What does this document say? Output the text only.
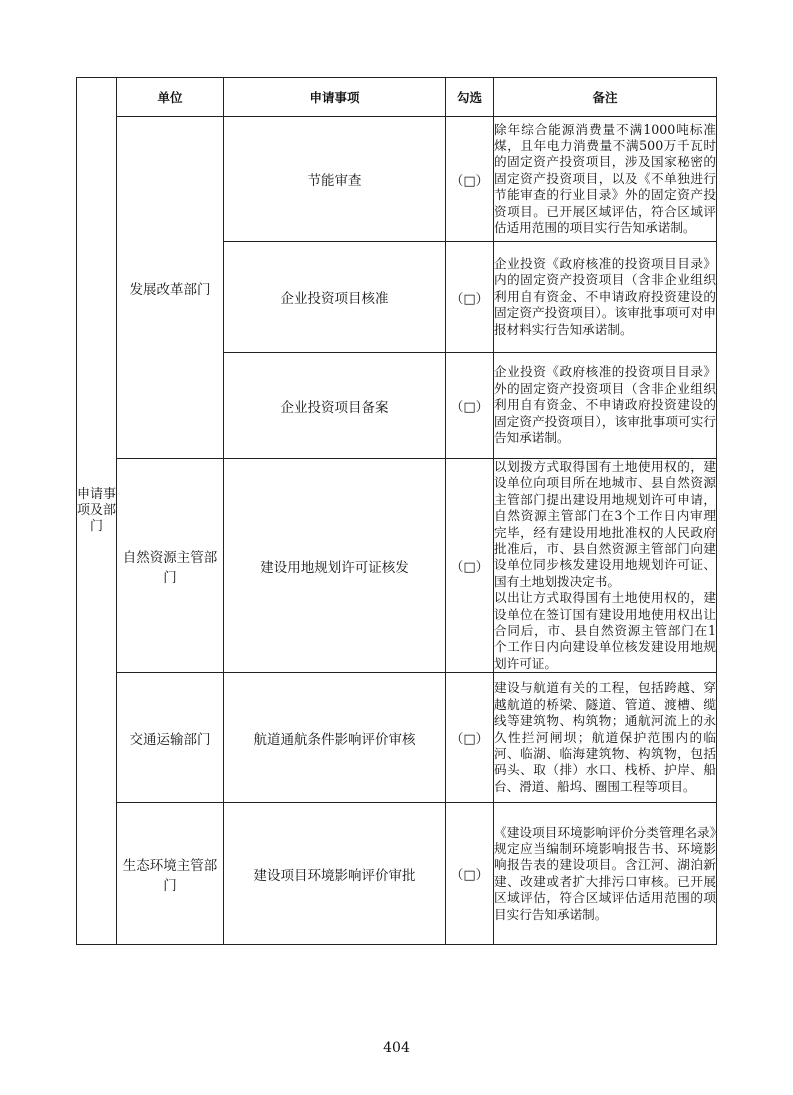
申请事项及部门	单位	申请事项	勾选	备注
	发展改革部门	节能审查	（□）	除年综合能源消费量不满1000吨标准煤，且年电力消费量不满500万千瓦时的固定资产投资项目，涉及国家秘密的固定资产投资项目，以及《不单独进行节能审查的行业目录》外的固定资产投资项目。已开展区域评估，符合区域评估适用范围的项目实行告知承诺制。

		企业投资项目核准	（□）	企业投资《政府核准的投资项目目录》内的固定资产投资项目（含非企业组织利用自有资金、不申请政府投资建设的固定资产投资项目）。该审批事项可对申报材料实行告知承诺制。

		企业投资项目备案	（□）	企业投资《政府核准的投资项目目录》外的固定资产投资项目（含非企业组织利用自有资金、不申请政府投资建设的固定资产投资项目），该审批事项可实行告知承诺制。

	自然资源主管部门	建设用地规划许可证核发	（□）	以划拨方式取得国有土地使用权的，建设单位向项目所在地城市、县自然资源主管部门提出建设用地规划许可申请，自然资源主管部门在3个工作日内审理完毕，经有建设用地批准权的人民政府批准后，市、县自然资源主管部门向建设单位同步核发建设用地规划许可证、国有土地划拨决定书。

以出让方式取得国有土地使用权的，建设单位在签订国有建设用地使用权出让合同后，市、县自然资源主管部门在1个工作日内向建设单位核发建设用地规划许可证。

	交通运输部门	航道通航条件影响评价审核	（□）	建设与航道有关的工程，包括跨越、穿越航道的桥梁、隧道、管道、渡槽、缆线等建筑物、构筑物；通航河流上的永久性拦河闸坝；航道保护范围内的临河、临湖、临海建筑物、构筑物，包括码头、取（排）水口、栈桥、护岸、船台、滑道、船坞、圈围工程等项目。

	生态环境主管部门	建设项目环境影响评价审批	（□）	《建设项目环境影响评价分类管理名录》规定应当编制环境影响报告书、环境影响报告表的建设项目。含江河、湖泊新建、改建或者扩大排污口审核。已开展区域评估，符合区域评估适用范围的项目实行告知承诺制。

404
